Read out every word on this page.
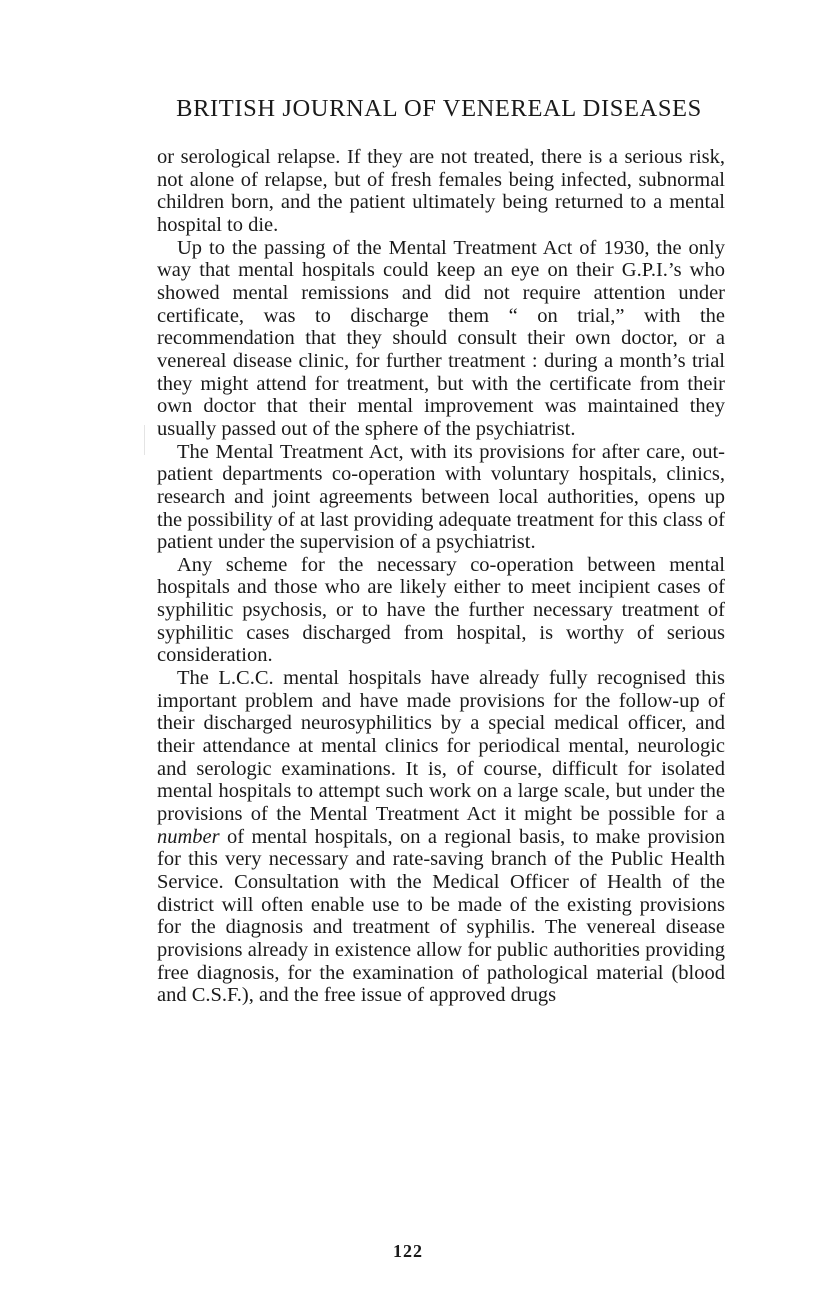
BRITISH JOURNAL OF VENEREAL DISEASES

or serological relapse. If they are not treated, there is a serious risk, not alone of relapse, but of fresh females being infected, subnormal children born, and the patient ultimately being returned to a mental hospital to die.

Up to the passing of the Mental Treatment Act of 1930, the only way that mental hospitals could keep an eye on their G.P.I.’s who showed mental remissions and did not require attention under certificate, was to discharge them “ on trial,” with the recommendation that they should consult their own doctor, or a venereal disease clinic, for further treatment : during a month’s trial they might attend for treatment, but with the certificate from their own doctor that their mental improvement was maintained they usually passed out of the sphere of the psychiatrist.

The Mental Treatment Act, with its provisions for after care, out-patient departments co-operation with voluntary hospitals, clinics, research and joint agreements between local authorities, opens up the possibility of at last providing adequate treatment for this class of patient under the supervision of a psychiatrist.

Any scheme for the necessary co-operation between mental hospitals and those who are likely either to meet incipient cases of syphilitic psychosis, or to have the further necessary treatment of syphilitic cases discharged from hospital, is worthy of serious consideration.

The L.C.C. mental hospitals have already fully recognised this important problem and have made provisions for the follow-up of their discharged neurosyphilitics by a special medical officer, and their attendance at mental clinics for periodical mental, neurologic and serologic examinations. It is, of course, difficult for isolated mental hospitals to attempt such work on a large scale, but under the provisions of the Mental Treatment Act it might be possible for a number of mental hospitals, on a regional basis, to make provision for this very necessary and rate-saving branch of the Public Health Service. Consultation with the Medical Officer of Health of the district will often enable use to be made of the existing provisions for the diagnosis and treatment of syphilis. The venereal disease provisions already in existence allow for public authorities providing free diagnosis, for the examination of pathological material (blood and C.S.F.), and the free issue of approved drugs

122
